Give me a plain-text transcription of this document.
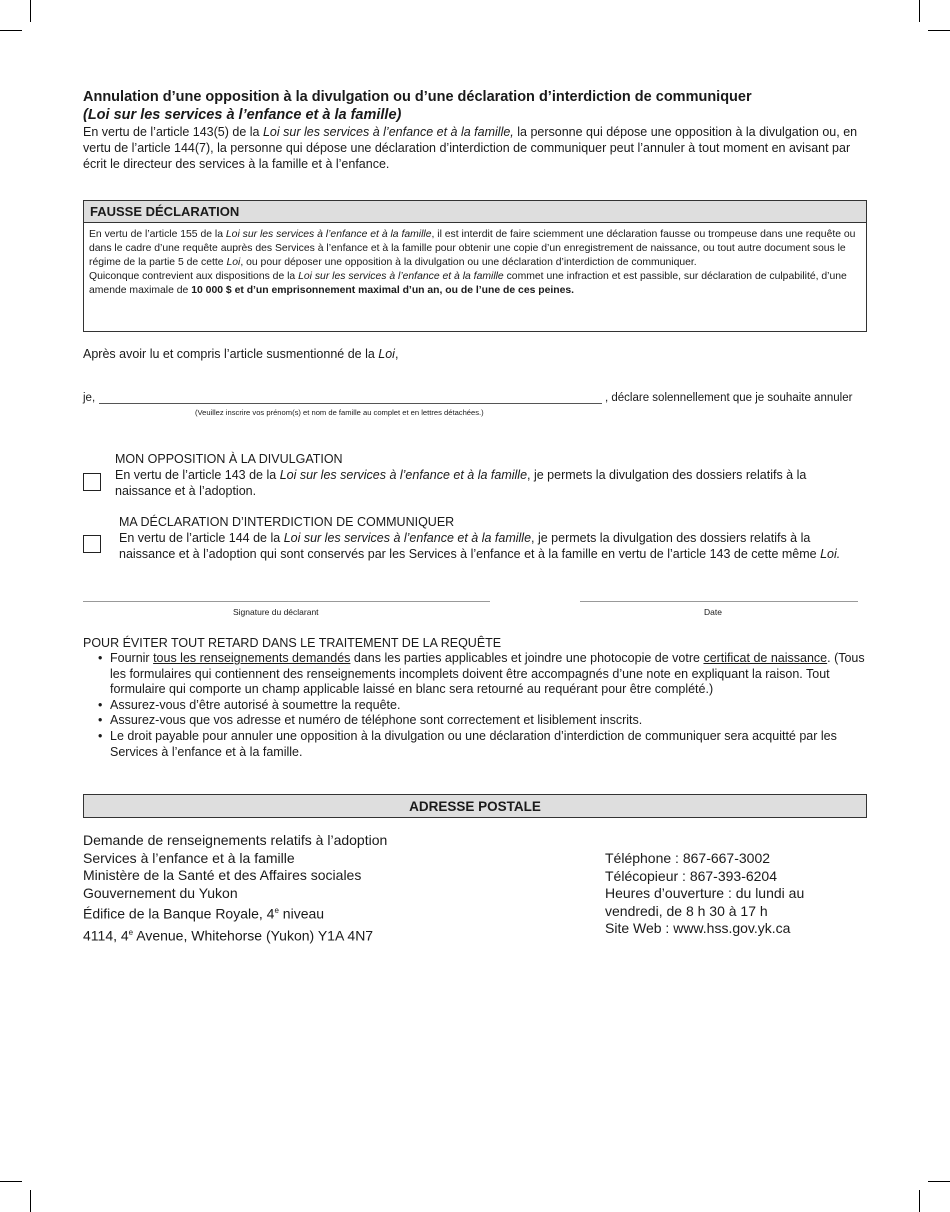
Annulation d’une opposition à la divulgation ou d’une déclaration d’interdiction de communiquer
(Loi sur les services à l’enfance et à la famille)
En vertu de l’article 143(5) de la Loi sur les services à l’enfance et à la famille, la personne qui dépose une opposition à la divulgation ou, en vertu de l’article 144(7), la personne qui dépose une déclaration d’interdiction de communiquer peut l’annuler à tout moment en avisant par écrit le directeur des services à la famille et à l’enfance.
FAUSSE DÉCLARATION
En vertu de l’article 155 de la Loi sur les services à l’enfance et à la famille, il est interdit de faire sciemment une déclaration fausse ou trompeuse dans une requête ou dans le cadre d’une requête auprès des Services à l’enfance et à la famille pour obtenir une copie d’un enregistrement de naissance, ou tout autre document sous le régime de la partie 5 de cette Loi, ou pour déposer une opposition à la divulgation ou une déclaration d’interdiction de communiquer.
Quiconque contrevient aux dispositions de la Loi sur les services à l’enfance et à la famille commet une infraction et est passible, sur déclaration de culpabilité, d’une amende maximale de 10 000 $ et d’un emprisonnement maximal d’un an, ou de l’une de ces peines.
Après avoir lu et compris l’article susmentionné de la Loi,
je,	, déclare solennellement que je souhaite annuler
(Veuillez inscrire vos prénom(s) et nom de famille au complet et en lettres détachées.)
MON OPPOSITION À LA DIVULGATION
En vertu de l’article 143 de la Loi sur les services à l’enfance et à la famille, je permets la divulgation des dossiers relatifs à la naissance et à l’adoption.
MA DÉCLARATION D’INTERDICTION DE COMMUNIQUER
En vertu de l’article 144 de la Loi sur les services à l’enfance et à la famille, je permets la divulgation des dossiers relatifs à la naissance et à l’adoption qui sont conservés par les Services à l’enfance et à la famille en vertu de l’article 143 de cette même Loi.
Signature du déclarant	Date
POUR ÉVITER TOUT RETARD DANS LE TRAITEMENT DE LA REQUÊTE
• Fournir tous les renseignements demandés dans les parties applicables et joindre une photocopie de votre certificat de naissance. (Tous les formulaires qui contiennent des renseignements incomplets doivent être accompagnés d’une note en expliquant la raison. Tout formulaire qui comporte un champ applicable laissé en blanc sera retourné au requérant pour être complété.)
• Assurez-vous d’être autorisé à soumettre la requête.
• Assurez-vous que vos adresse et numéro de téléphone sont correctement et lisiblement inscrits.
• Le droit payable pour annuler une opposition à la divulgation ou une déclaration d’interdiction de communiquer sera acquitté par les Services à l’enfance et à la famille.
ADRESSE POSTALE
Demande de renseignements relatifs à l’adoption
Services à l’enfance et à la famille
Ministère de la Santé et des Affaires sociales
Gouvernement du Yukon
Édifice de la Banque Royale, 4e niveau
4114, 4e Avenue, Whitehorse (Yukon) Y1A 4N7
Téléphone : 867-667-3002
Télécopieur : 867-393-6204
Heures d’ouverture : du lundi au
vendredi, de 8 h 30 à 17 h
Site Web : www.hss.gov.yk.ca
